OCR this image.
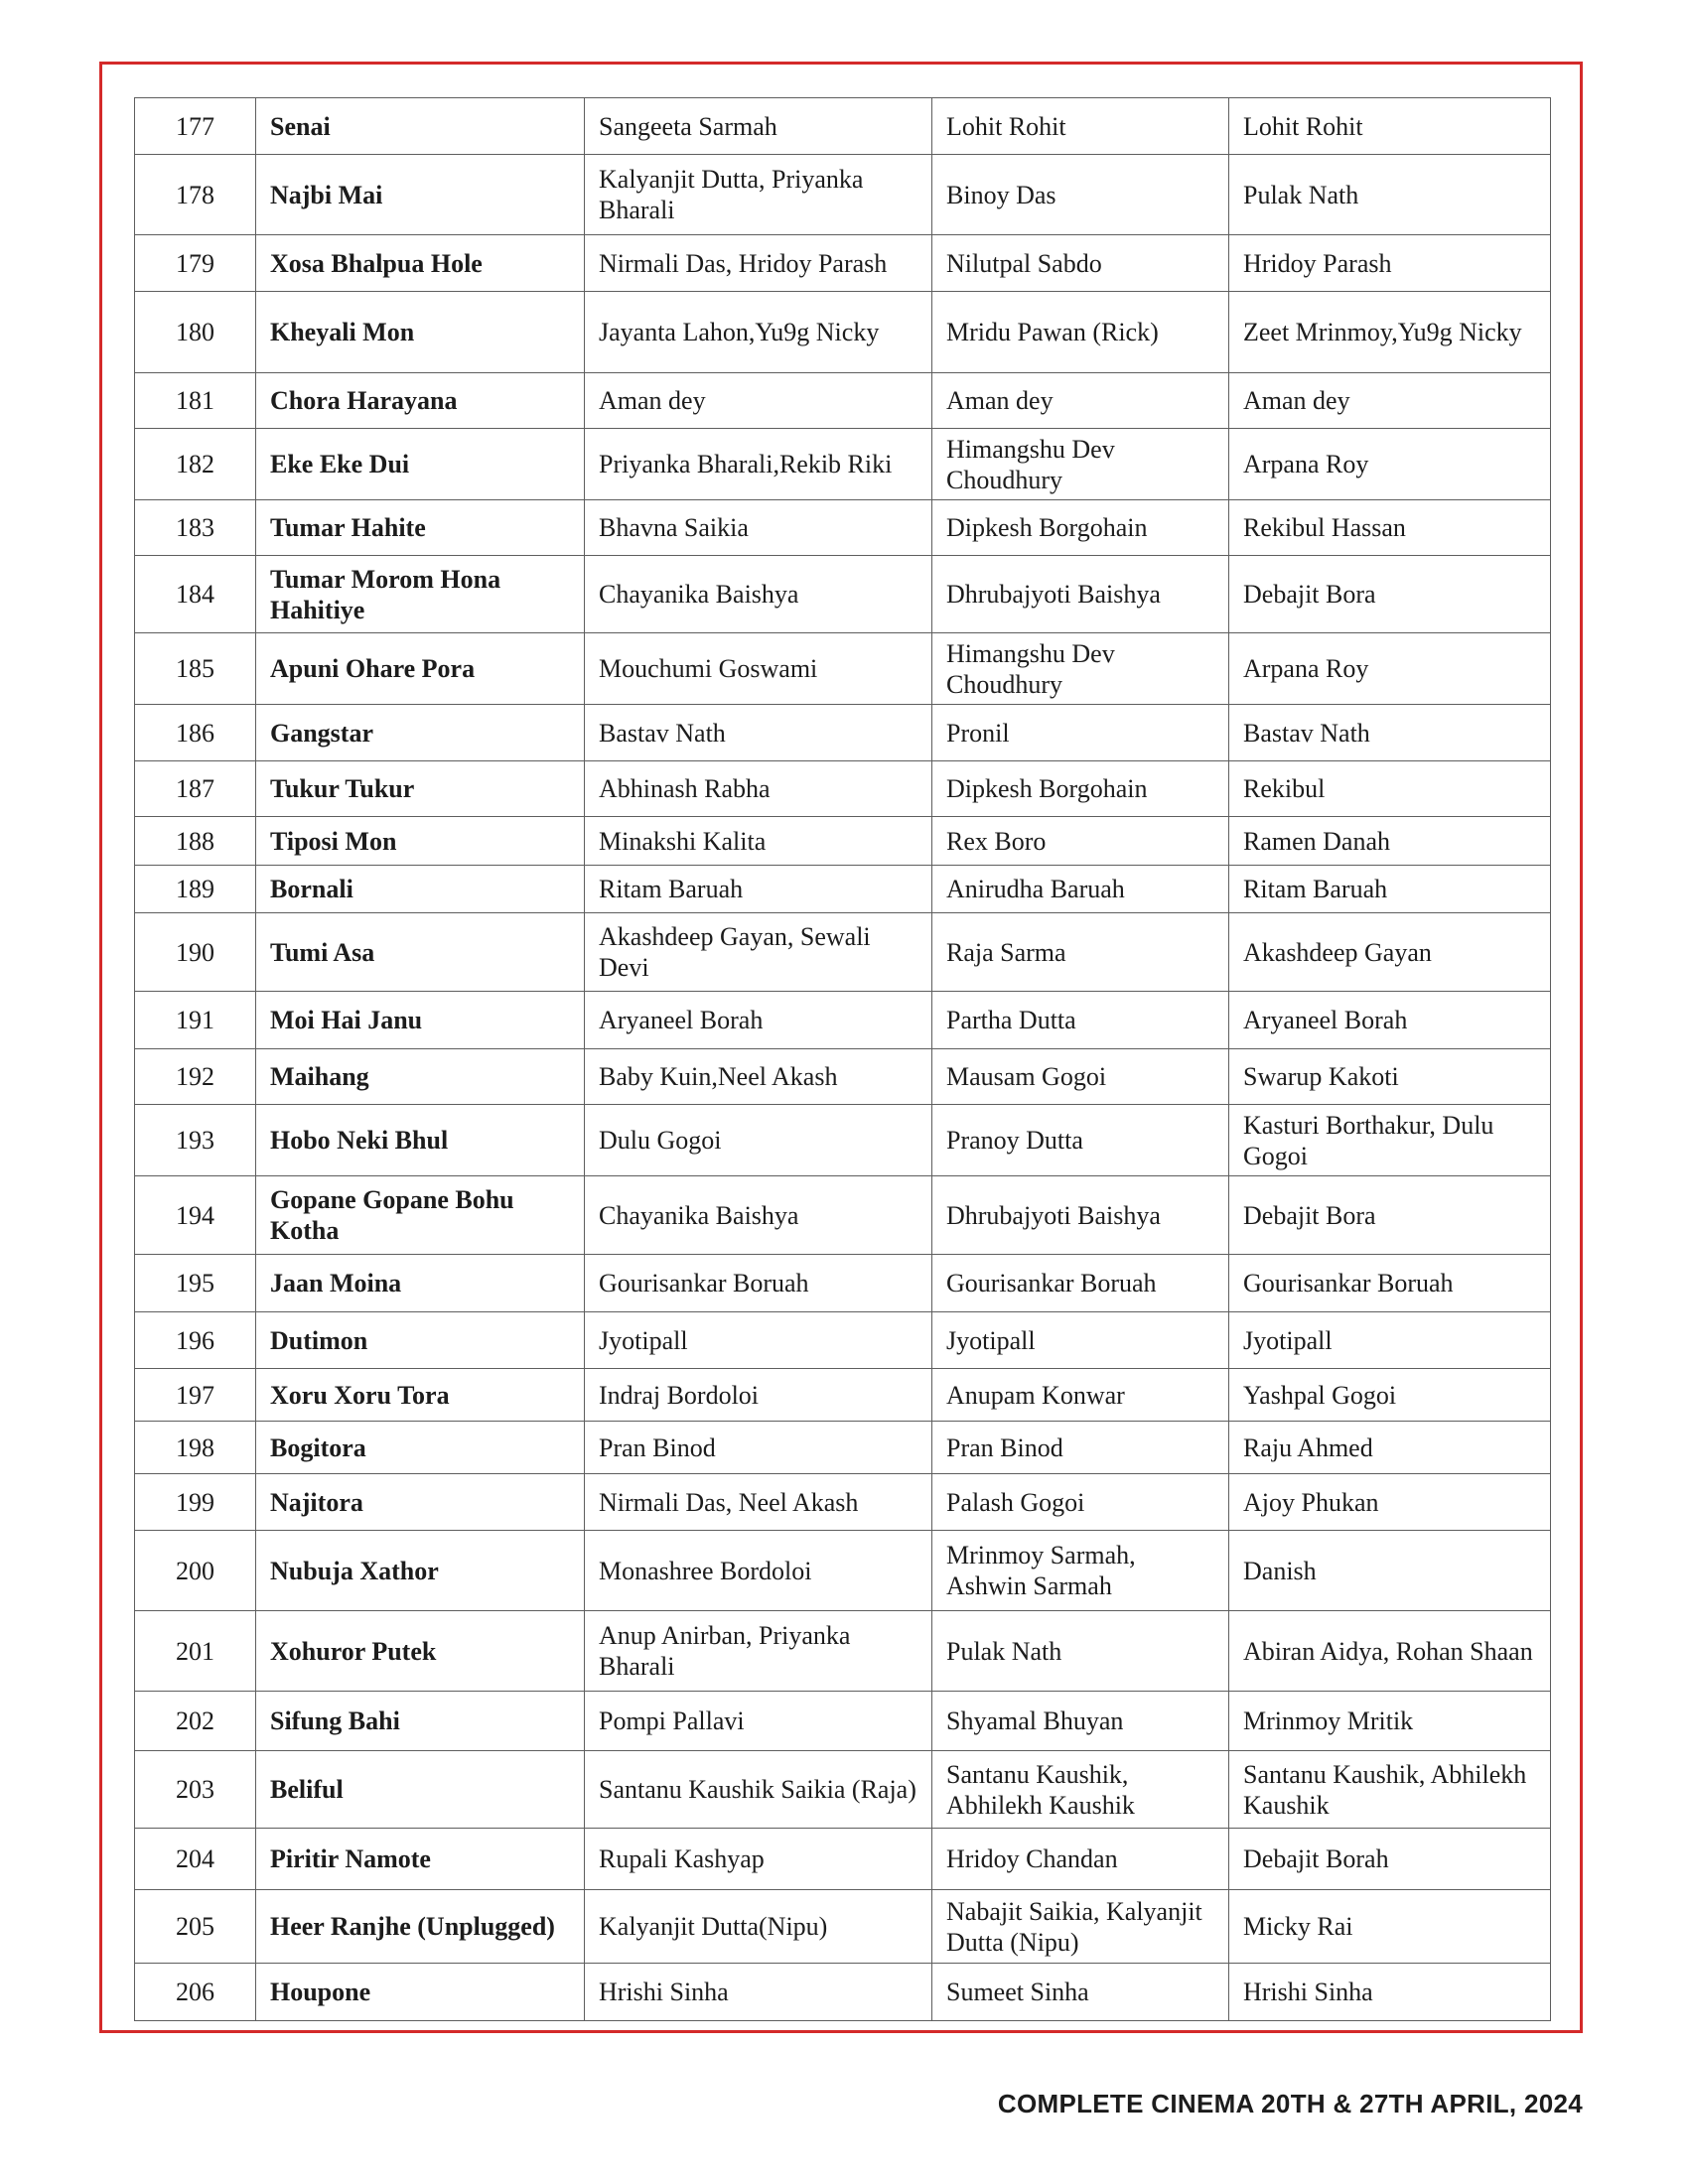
177	Senai	Sangeeta Sarmah	Lohit Rohit	Lohit Rohit
178	Najbi Mai	Kalyanjit Dutta, Priyanka Bharali	Binoy Das	Pulak Nath
179	Xosa Bhalpua Hole	Nirmali Das, Hridoy Parash	Nilutpal Sabdo	Hridoy Parash
180	Kheyali Mon	Jayanta Lahon,Yu9g Nicky	Mridu Pawan (Rick)	Zeet Mrinmoy,Yu9g Nicky
181	Chora Harayana	Aman dey	Aman dey	Aman dey
182	Eke Eke Dui	Priyanka Bharali,Rekib Riki	Himangshu Dev Choudhury	Arpana Roy
183	Tumar Hahite	Bhavna Saikia	Dipkesh Borgohain	Rekibul Hassan
184	Tumar Morom Hona Hahitiye	Chayanika Baishya	Dhrubajyoti Baishya	Debajit Bora
185	Apuni Ohare Pora	Mouchumi Goswami	Himangshu Dev Choudhury	Arpana Roy
186	Gangstar	Bastav Nath	Pronil	Bastav Nath
187	Tukur Tukur	Abhinash Rabha	Dipkesh Borgohain	Rekibul
188	Tiposi Mon	Minakshi Kalita	Rex Boro	Ramen Danah
189	Bornali	Ritam Baruah	Anirudha Baruah	Ritam Baruah
190	Tumi Asa	Akashdeep Gayan, Sewali Devi	Raja Sarma	Akashdeep Gayan
191	Moi Hai Janu	Aryaneel Borah	Partha Dutta	Aryaneel Borah
192	Maihang	Baby Kuin,Neel Akash	Mausam Gogoi	Swarup Kakoti
193	Hobo Neki Bhul	Dulu Gogoi	Pranoy Dutta	Kasturi Borthakur, Dulu Gogoi
194	Gopane Gopane Bohu Kotha	Chayanika Baishya	Dhrubajyoti Baishya	Debajit Bora
195	Jaan Moina	Gourisankar Boruah	Gourisankar Boruah	Gourisankar Boruah
196	Dutimon	Jyotipall	Jyotipall	Jyotipall
197	Xoru Xoru Tora	Indraj Bordoloi	Anupam Konwar	Yashpal Gogoi
198	Bogitora	Pran Binod	Pran Binod	Raju Ahmed
199	Najitora	Nirmali Das, Neel Akash	Palash Gogoi	Ajoy Phukan
200	Nubuja Xathor	Monashree Bordoloi	Mrinmoy Sarmah, Ashwin Sarmah	Danish
201	Xohuror Putek	Anup Anirban, Priyanka Bharali	Pulak Nath	Abiran Aidya, Rohan Shaan
202	Sifung Bahi	Pompi Pallavi	Shyamal Bhuyan	Mrinmoy Mritik
203	Beliful	Santanu Kaushik Saikia (Raja)	Santanu Kaushik, Abhilekh Kaushik	Santanu Kaushik, Abhilekh Kaushik
204	Piritir Namote	Rupali Kashyap	Hridoy Chandan	Debajit Borah
205	Heer Ranjhe (Unplugged)	Kalyanjit Dutta(Nipu)	Nabajit Saikia, Kalyanjit Dutta (Nipu)	Micky Rai
206	Houpone	Hrishi Sinha	Sumeet Sinha	Hrishi Sinha
COMPLETE CINEMA 20TH & 27TH APRIL, 2024
